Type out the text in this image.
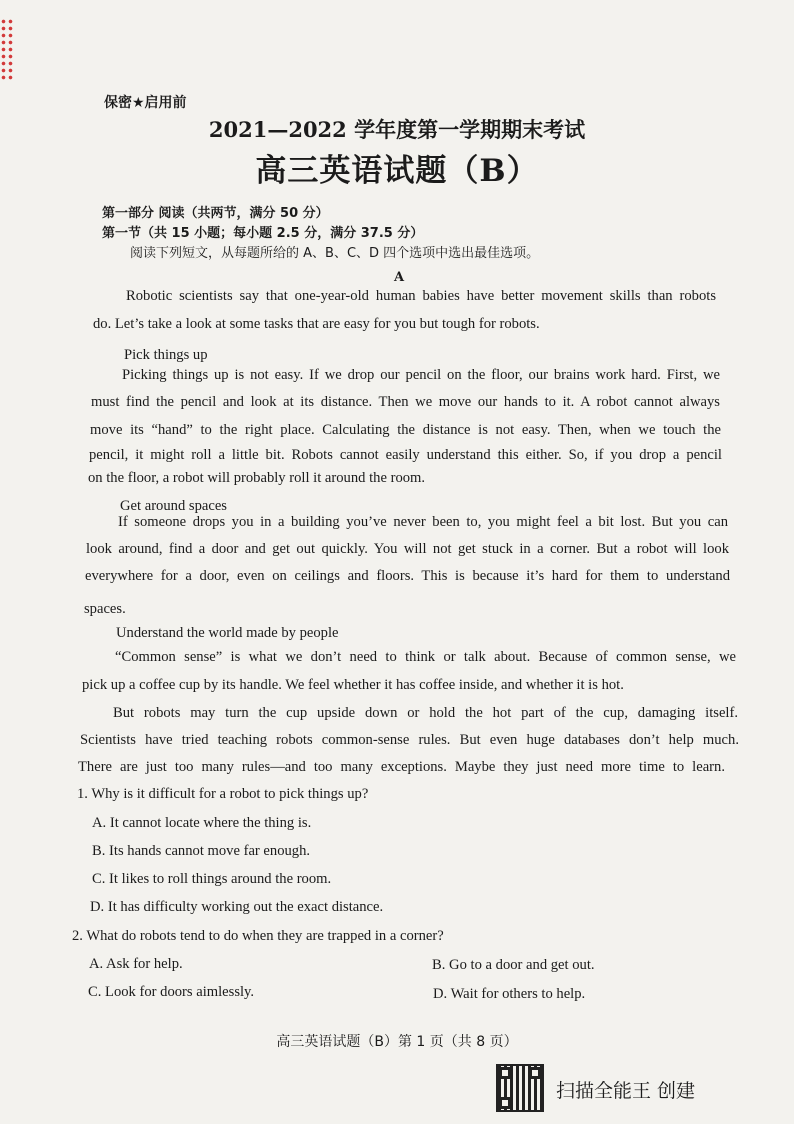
保密★启用前
2021—2022 学年度第一学期期末考试
高三英语试题（B）
第一部分 阅读（共两节，满分 50 分）
第一节（共 15 小题；每小题 2.5 分，满分 37.5 分）
阅读下列短文，从每题所给的 A、B、C、D 四个选项中选出最佳选项。
A
Robotic scientists say that one-year-old human babies have better movement skills than robots
do. Let’s take a look at some tasks that are easy for you but tough for robots.
Pick things up
Picking things up is not easy. If we drop our pencil on the floor, our brains work hard. First, we
must find the pencil and look at its distance. Then we move our hands to it. A robot cannot always
move its “hand” to the right place. Calculating the distance is not easy. Then, when we touch the
pencil, it might roll a little bit. Robots cannot easily understand this either. So, if you drop a pencil
on the floor, a robot will probably roll it around the room.
Get around spaces
If someone drops you in a building you’ve never been to, you might feel a bit lost. But you can
look around, find a door and get out quickly. You will not get stuck in a corner. But a robot will look
everywhere for a door, even on ceilings and floors. This is because it’s hard for them to understand
spaces.
Understand the world made by people
“Common sense” is what we don’t need to think or talk about. Because of common sense, we
pick up a coffee cup by its handle. We feel whether it has coffee inside, and whether it is hot.
But robots may turn the cup upside down or hold the hot part of the cup, damaging itself.
Scientists have tried teaching robots common-sense rules. But even huge databases don’t help much.
There are just too many rules—and too many exceptions. Maybe they just need more time to learn.
1. Why is it difficult for a robot to pick things up?
A. It cannot locate where the thing is.
B. Its hands cannot move far enough.
C. It likes to roll things around the room.
D. It has difficulty working out the exact distance.
2. What do robots tend to do when they are trapped in a corner?
A. Ask for help.	B. Go to a door and get out.
C. Look for doors aimlessly.	D. Wait for others to help.
高三英语试题（B）第 1 页（共 8 页）
扫描全能王 创建
